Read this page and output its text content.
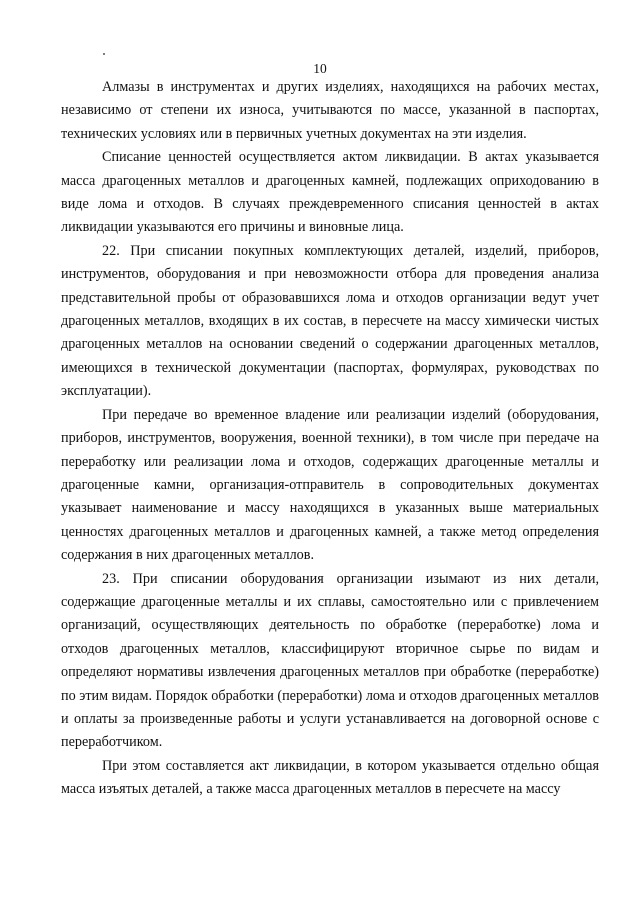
10

Алмазы в инструментах и других изделиях, находящихся на рабочих местах, независимо от степени их износа, учитываются по массе, указанной в паспортах, технических условиях или в первичных учетных документах на эти изделия.

Списание ценностей осуществляется актом ликвидации. В актах указывается масса драгоценных металлов и драгоценных камней, подлежащих оприходованию в виде лома и отходов. В случаях преждевременного списания ценностей в актах ликвидации указываются его причины и виновные лица.

22. При списании покупных комплектующих деталей, изделий, приборов, инструментов, оборудования и при невозможности отбора для проведения анализа представительной пробы от образовавшихся лома и отходов организации ведут учет драгоценных металлов, входящих в их состав, в пересчете на массу химически чистых драгоценных металлов на основании сведений о содержании драгоценных металлов, имеющихся в технической документации (паспортах, формулярах, руководствах по эксплуатации).

При передаче во временное владение или реализации изделий (оборудования, приборов, инструментов, вооружения, военной техники), в том числе при передаче на переработку или реализации лома и отходов, содержащих драгоценные металлы и драгоценные камни, организация-отправитель в сопроводительных документах указывает наименование и массу находящихся в указанных выше материальных ценностях драгоценных металлов и драгоценных камней, а также метод определения содержания в них драгоценных металлов.

23. При списании оборудования организации изымают из них детали, содержащие драгоценные металлы и их сплавы, самостоятельно или с привлечением организаций, осуществляющих деятельность по обработке (переработке) лома и отходов драгоценных металлов, классифицируют вторичное сырье по видам и определяют нормативы извлечения драгоценных металлов при обработке (переработке) по этим видам. Порядок обработки (переработки) лома и отходов драгоценных металлов и оплаты за произведенные работы и услуги устанавливается на договорной основе с переработчиком.

При этом составляется акт ликвидации, в котором указывается отдельно общая масса изъятых деталей, а также масса драгоценных металлов в пересчете на массу
